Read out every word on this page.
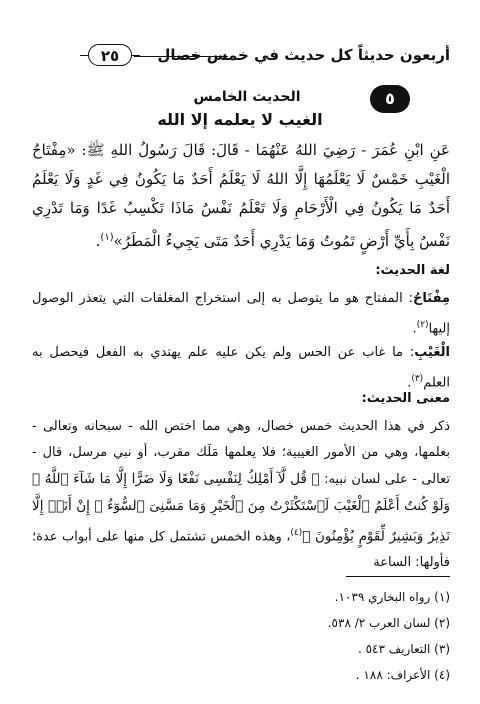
أربعون حديثاً كل حديث في خمس خصال
٢٥
٥
الحديث الخامس
الغيب لا يعلمه إلا الله

عَنِ ابْنِ عُمَرَ - رَضِيَ اللهُ عَنْهُمَا - قَالَ: قَالَ رَسُولُ اللهِ ﷺ: «مِفْتَاحُ الْغَيْبِ خَمْسٌ لَا يَعْلَمُهَا إِلَّا اللهُ لَا يَعْلَمُ أَحَدٌ مَا يَكُونُ فِي غَدٍ وَلَا يَعْلَمُ أَحَدٌ مَا يَكُونُ فِي الْأَرْحَامِ وَلَا تَعْلَمُ نَفْسٌ مَاذَا تَكْسِبُ غَدًا وَمَا تَدْرِي نَفْسٌ بِأَيِّ أَرْضٍ تَمُوتُ وَمَا يَدْرِي أَحَدٌ مَتَى يَجِيءُ الْمَطَرُ»$^{(١)}$.

لغة الحديث:

مِفْتَاحُ: المفتاح هو ما يتوصل به إلى استخراج المغلقات التي يتعذر الوصول إليها$^{(٢)}$.

الْغَيْبِ: ما غاب عن الحس ولم يكن عليه علم يهتدي به الفعل فيحصل به العلم$^{(٣)}$.

معنى الحديث:

ذكر في هذا الحديث خمس خصال، وهي مما اختص الله - سبحانه وتعالى - بعلمها، وهي من الأمور الغيبية؛ فلا يعلمها مَلَك مقرب، أو نبي مرسل، قال - تعالى - على لسان نبيه: ﴿ قُل لَّآ أَمْلِكُ لِنَفْسِى نَفْعًا وَلَا ضَرًّا إِلَّا مَا شَآءَ ٱللَّهُ ۚ وَلَوْ كُنتُ أَعْلَمُ ٱلْغَيْبَ لَٱسْتَكْثَرْتُ مِنَ ٱلْخَيْرِ وَمَا مَسَّنِىَ ٱلسُّوٓءُ ۚ إِنْ أَنَا۠ إِلَّا نَذِيرٌ وَبَشِيرٌ لِّقَوْمٍ يُؤْمِنُونَ ﴾$^{(٤)}$، وهذه الخمس تشتمل كل منها على أبواب عدة؛ فأولها: الساعة

(١) رواه البخاري ١٠٣٩.
(٢) لسان العرب ٢/ ٥٣٨.
(٣) التعاريف ٥٤٣ .
(٤) الأعراف: ١٨٨ .
